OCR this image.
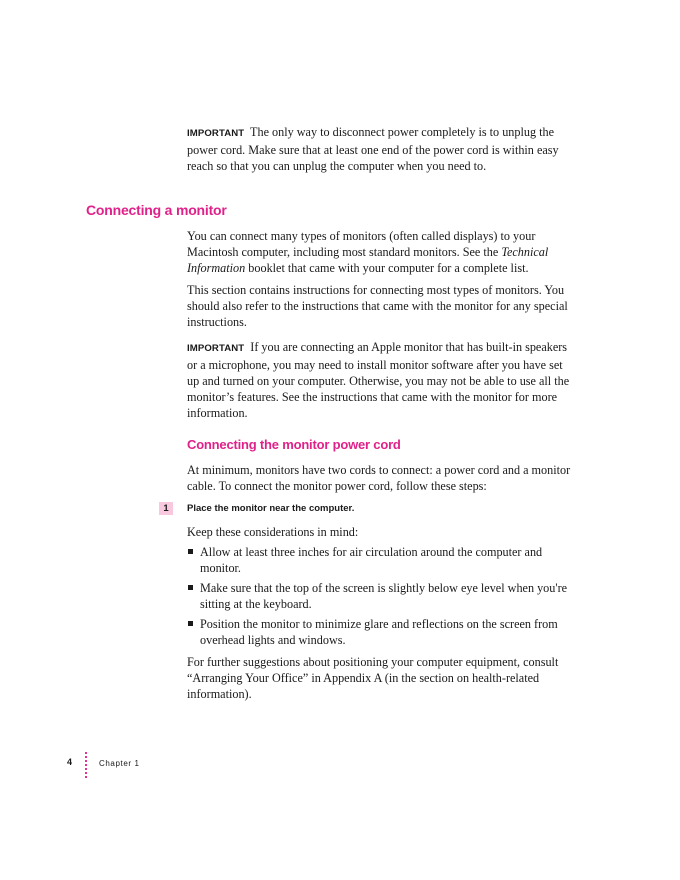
IMPORTANT The only way to disconnect power completely is to unplug the power cord. Make sure that at least one end of the power cord is within easy reach so that you can unplug the computer when you need to.

Connecting a monitor

You can connect many types of monitors (often called displays) to your Macintosh computer, including most standard monitors. See the Technical Information booklet that came with your computer for a complete list.

This section contains instructions for connecting most types of monitors. You should also refer to the instructions that came with the monitor for any special instructions.

IMPORTANT If you are connecting an Apple monitor that has built-in speakers or a microphone, you may need to install monitor software after you have set up and turned on your computer. Otherwise, you may not be able to use all the monitor’s features. See the instructions that came with the monitor for more information.

Connecting the monitor power cord

At minimum, monitors have two cords to connect: a power cord and a monitor cable. To connect the monitor power cord, follow these steps:

1	Place the monitor near the computer.

Keep these considerations in mind:

Allow at least three inches for air circulation around the computer and monitor.
Make sure that the top of the screen is slightly below eye level when you're sitting at the keyboard.
Position the monitor to minimize glare and reflections on the screen from overhead lights and windows.

For further suggestions about positioning your computer equipment, consult “Arranging Your Office” in Appendix A (in the section on health-related information).

4	Chapter 1
